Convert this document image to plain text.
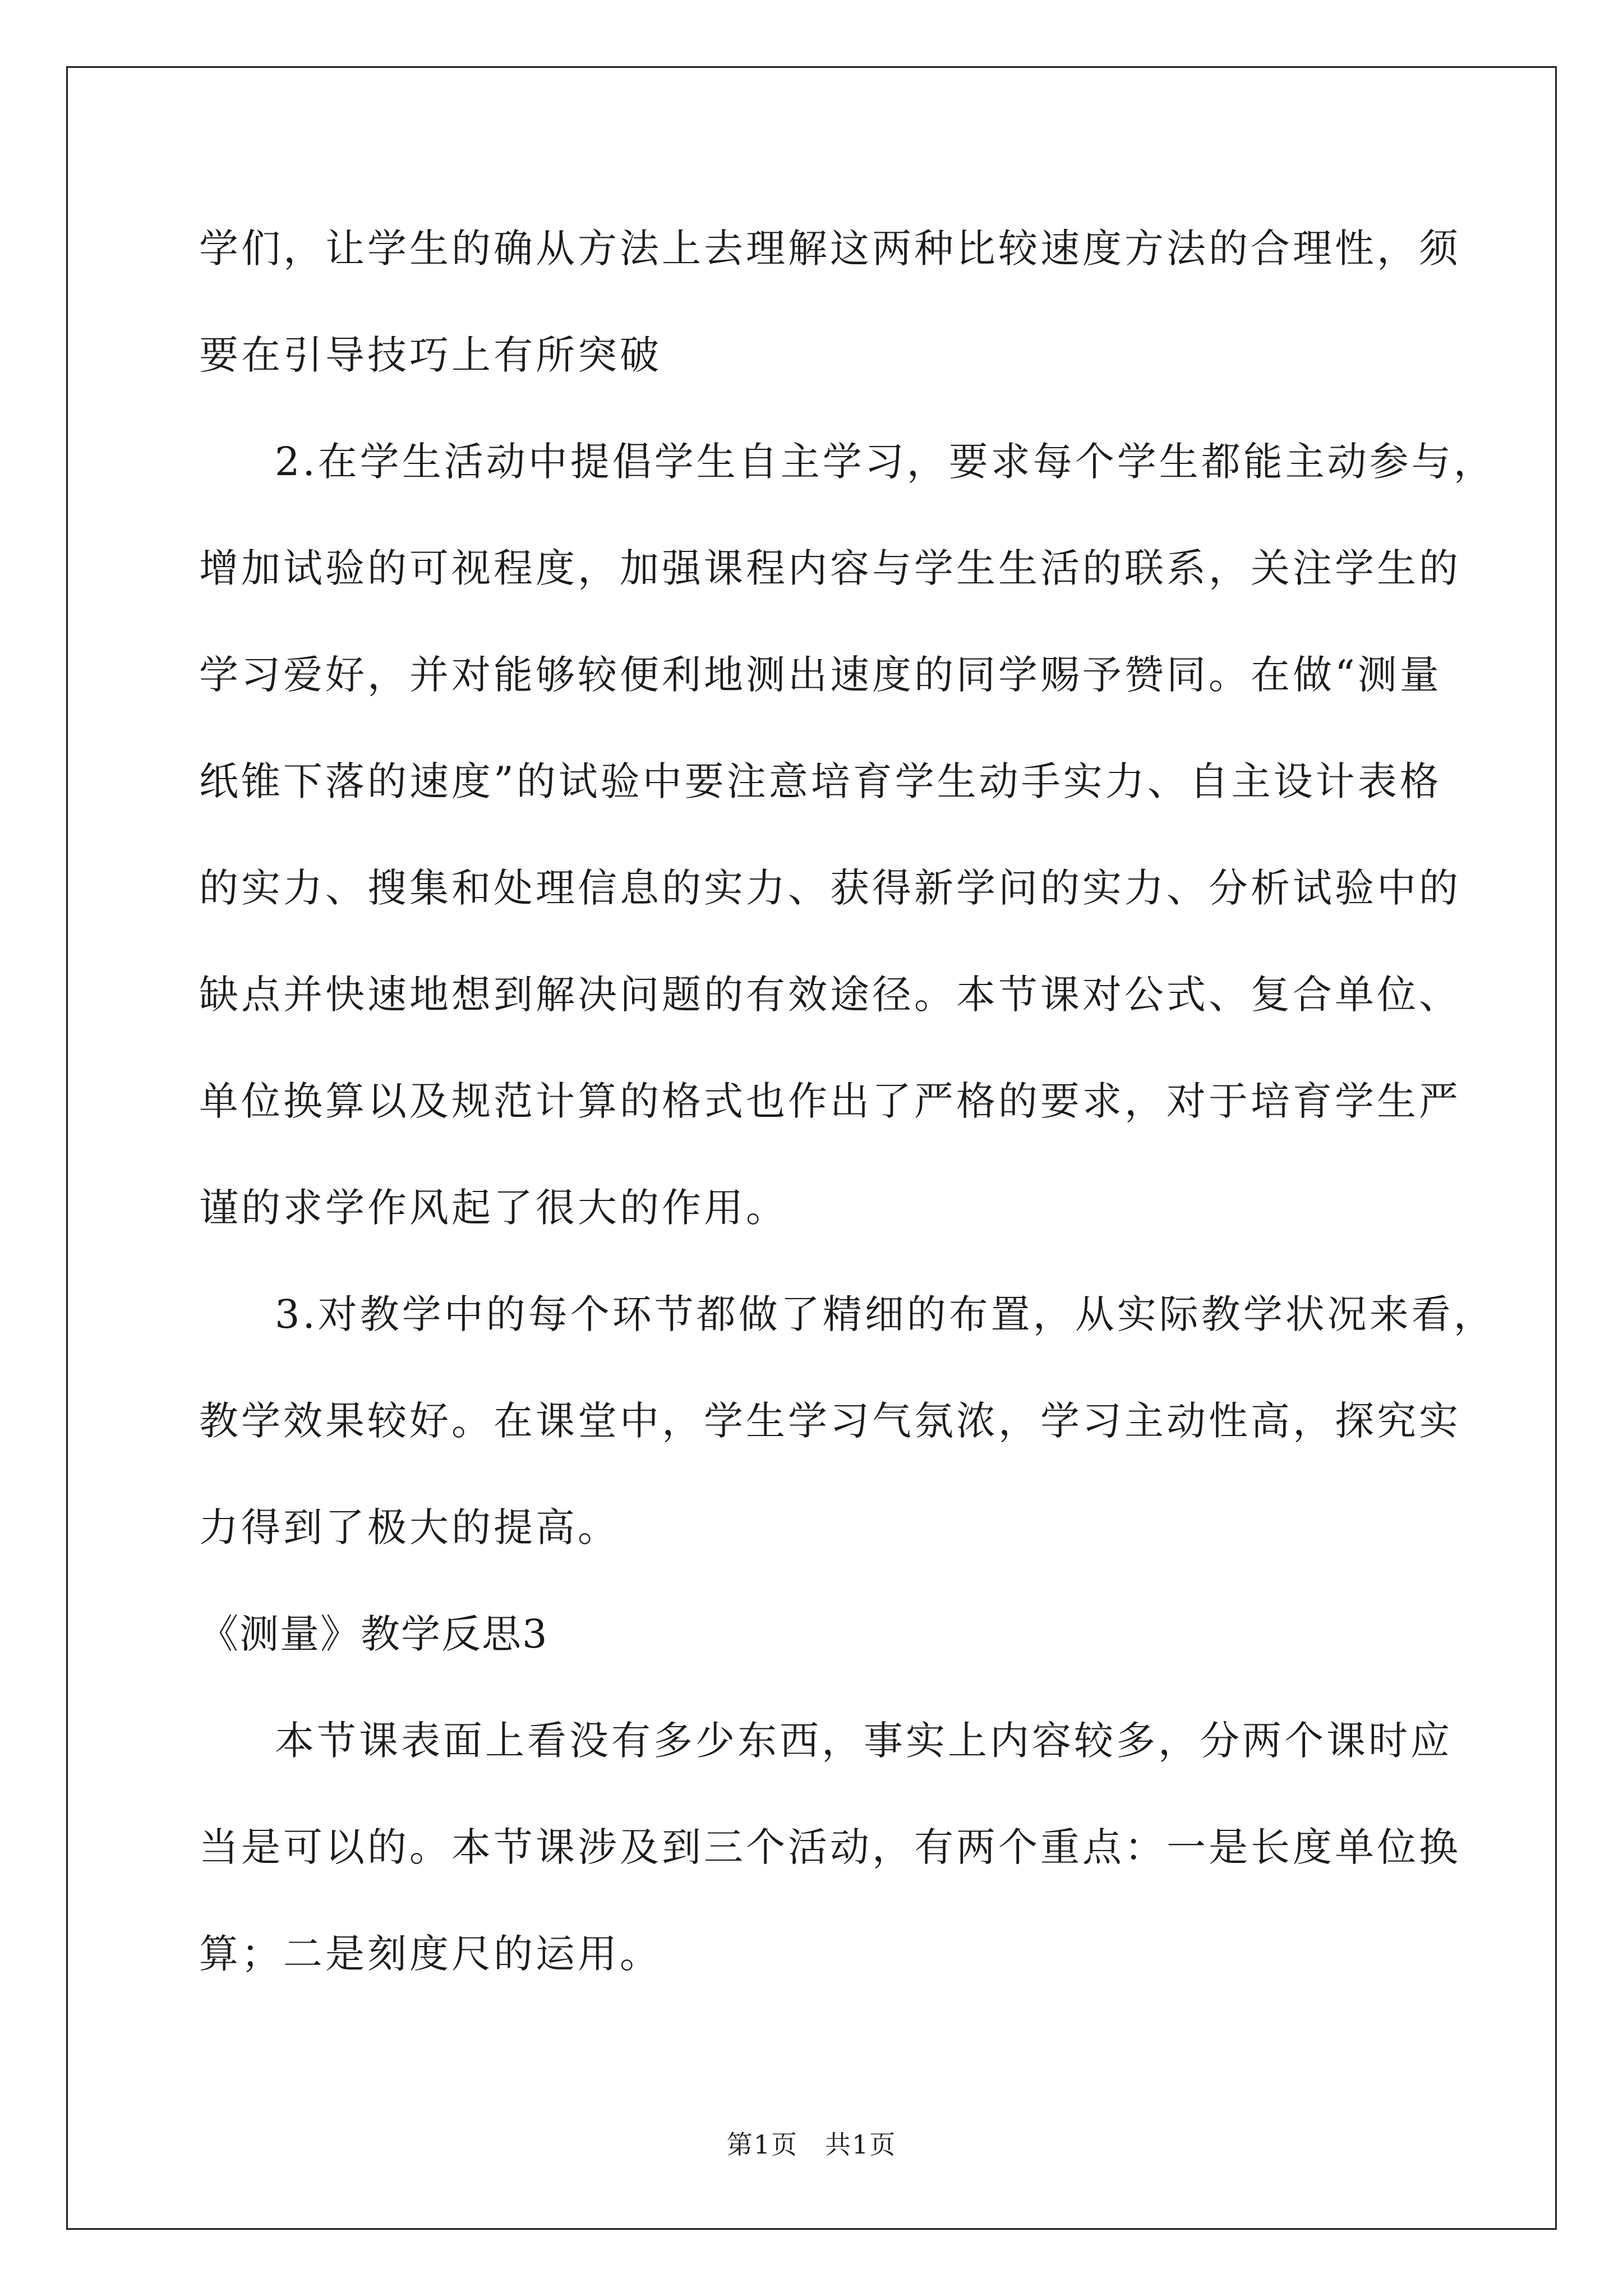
学们，让学生的确从方法上去理解这两种比较速度方法的合理性，须
要在引导技巧上有所突破
2.在学生活动中提倡学生自主学习，要求每个学生都能主动参与，
增加试验的可视程度，加强课程内容与学生生活的联系，关注学生的
学习爱好，并对能够较便利地测出速度的同学赐予赞同。在做“测量
纸锥下落的速度”的试验中要注意培育学生动手实力、自主设计表格
的实力、搜集和处理信息的实力、获得新学问的实力、分析试验中的
缺点并快速地想到解决问题的有效途径。本节课对公式、复合单位、
单位换算以及规范计算的格式也作出了严格的要求，对于培育学生严
谨的求学作风起了很大的作用。
3.对教学中的每个环节都做了精细的布置，从实际教学状况来看，
教学效果较好。在课堂中，学生学习气氛浓，学习主动性高，探究实
力得到了极大的提高。
《测量》教学反思3
本节课表面上看没有多少东西，事实上内容较多，分两个课时应
当是可以的。本节课涉及到三个活动，有两个重点：一是长度单位换
算；二是刻度尺的运用。
第1页　共1页
